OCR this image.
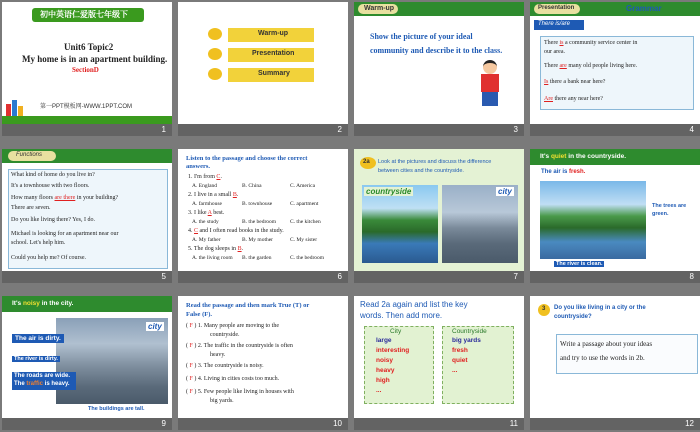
初中英语仁爱版七年级下
Unit6 Topic2
My home is in an apartment building.
SectionD
第一PPT模板网-WWW.1PPT.COM
1
Warm-up
Presentation
Summary
2
Warm-up
Show the picture of your ideal
community and describe it to the class.
3
Presentation	Grammar
There is/are
There is a community service center in
our area.
There are many old people living here.
Is there a bank near here?
Are there any near here?
4
Functions
What kind of home do you live in?
It's a townhouse with two floors.
How many floors are there in your building?
There are seven.
Do you like living there? Yes, I do.
Michael is looking for an apartment near our
school. Let's help him.
Could you help me? Of course.
5
Listen to the passage and choose the correct
answers.
1. I'm from C.
A. England	B. China	C. America
2. I live in a small B.
A. farmhouse	B. townhouse	C. apartment
3. I like A best.
A. the study	B. the bedroom	C. the kitchen
4. C and I often read books in the study.
A. My father	B. My mother	C. My sister
5. The dog sleeps in B.
A. the living room B. the garden	C. the bedroom
6
2a Look at the pictures and discuss the difference
between cities and the countryside.
countryside	city
7
It's quiet in the countryside.
The air is fresh.
The trees are
green.
The river is clean.
8
It's noisy in the city.
city
The air is dirty.
The river is dirty.
The roads are wide.
The traffic is heavy.
The buildings are tall.
9
Read the passage and then mark True (T) or
False (F).
( F ) 1. Many people are moving to the
countryside.
( F ) 2. The traffic in the countryside is often
heavy.
( F ) 3. The countryside is noisy.
( F ) 4. Living in cities costs too much.
( F ) 5. Few people like living in houses with
big yards.
10
Read 2a again and list the key
words. Then add more.
City
large
interesting
noisy
heavy
high
...
Countryside
big yards
fresh
quiet
...
11
3 Do you like living in a city or the
countryside?
Write a passage about your ideas
and try to use the words in 2b.
12
